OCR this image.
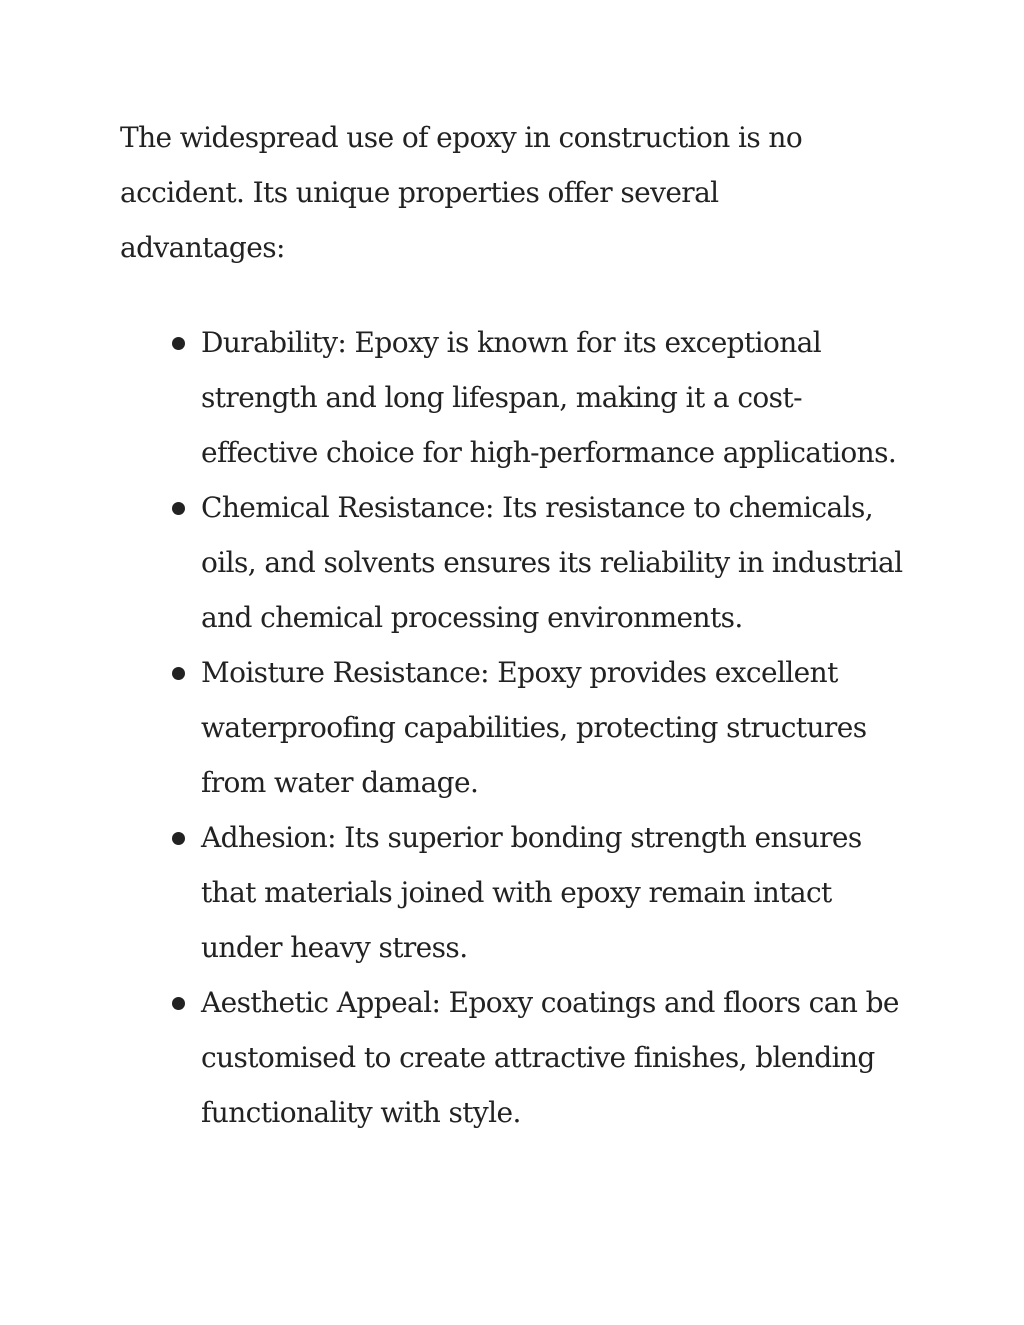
The widespread use of epoxy in construction is no accident. Its unique properties offer several advantages:

Durability: Epoxy is known for its exceptional strength and long lifespan, making it a cost-effective choice for high-performance applications.
Chemical Resistance: Its resistance to chemicals, oils, and solvents ensures its reliability in industrial and chemical processing environments.
Moisture Resistance: Epoxy provides excellent waterproofing capabilities, protecting structures from water damage.
Adhesion: Its superior bonding strength ensures that materials joined with epoxy remain intact under heavy stress.
Aesthetic Appeal: Epoxy coatings and floors can be customised to create attractive finishes, blending functionality with style.
